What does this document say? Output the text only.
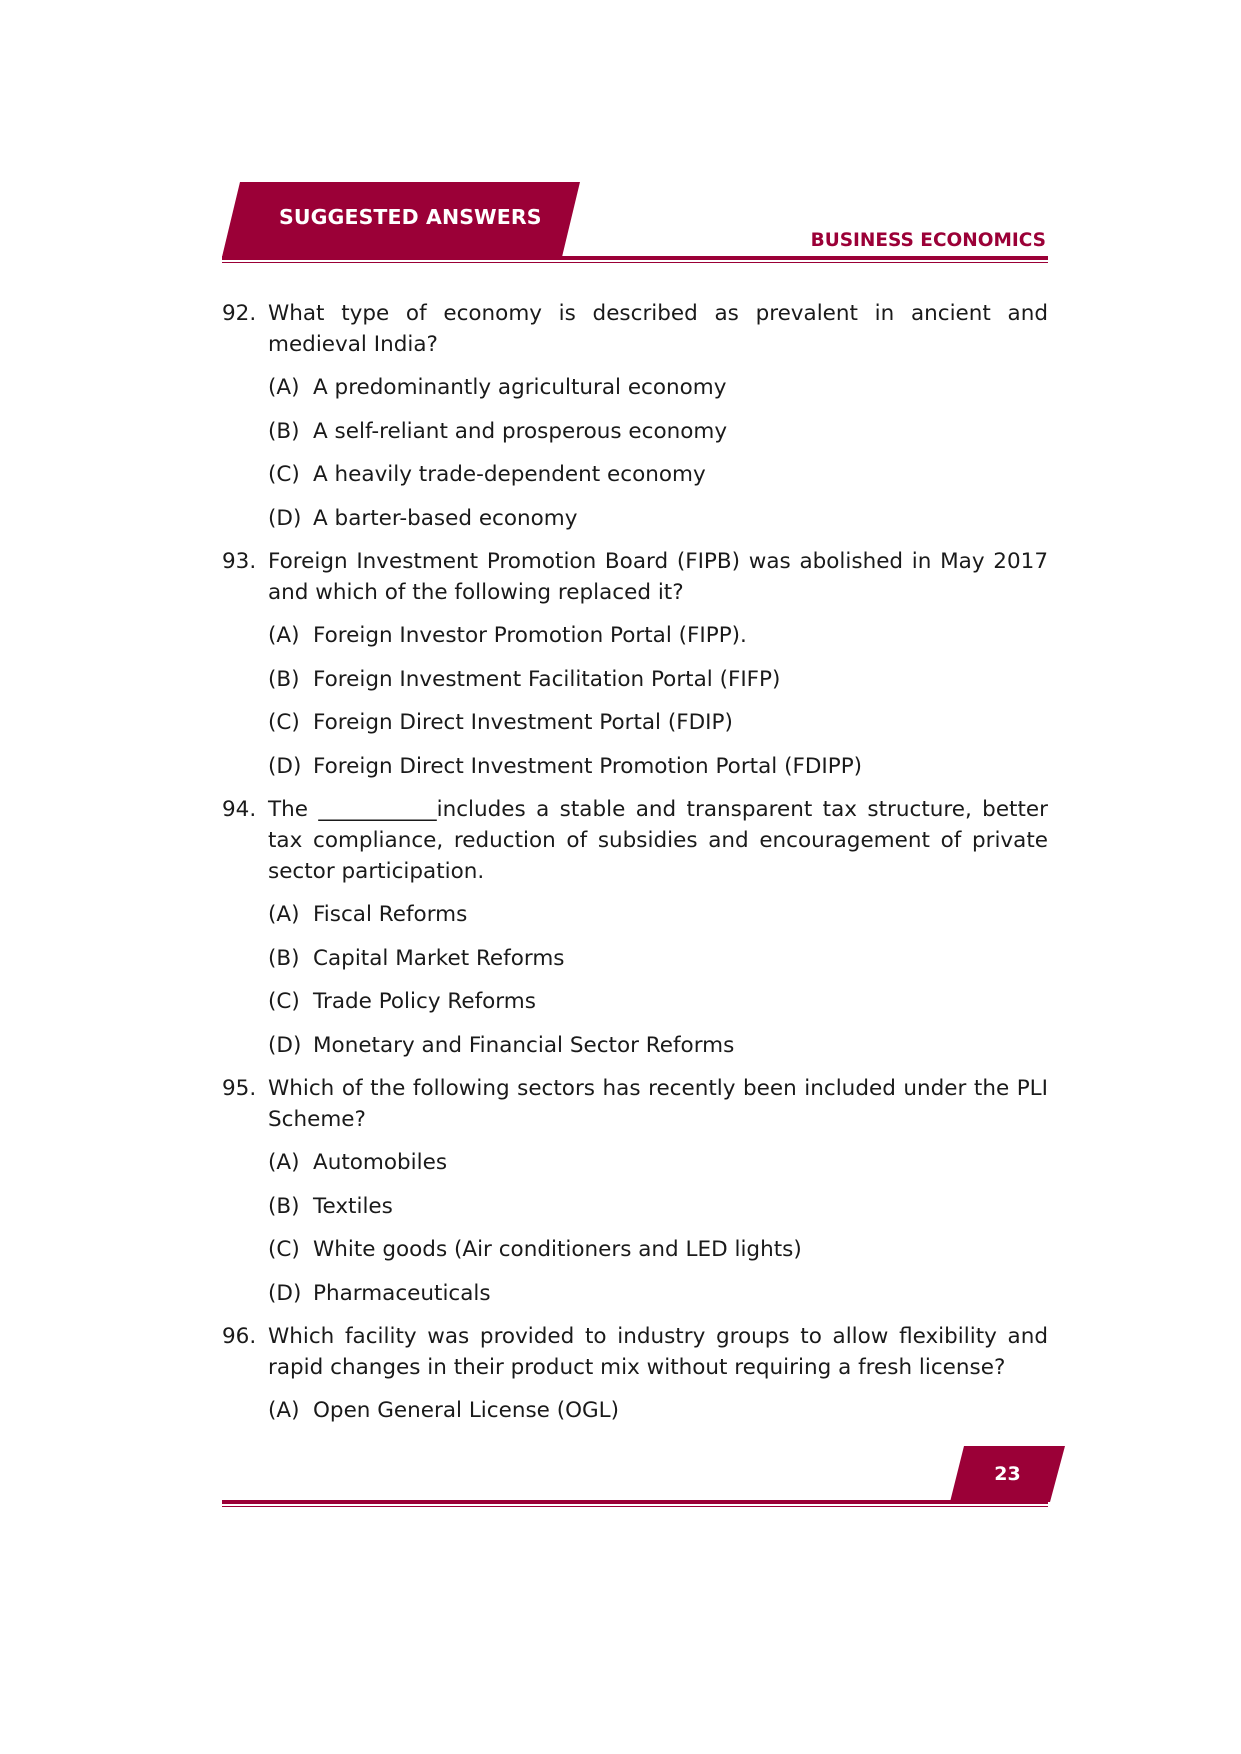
SUGGESTED ANSWERS
BUSINESS ECONOMICS
92. What type of economy is described as prevalent in ancient and medieval India?
(A) A predominantly agricultural economy
(B) A self-reliant and prosperous economy
(C) A heavily trade-dependent economy
(D) A barter-based economy
93. Foreign Investment Promotion Board (FIPB) was abolished in May 2017 and which of the following replaced it?
(A) Foreign Investor Promotion Portal (FIPP).
(B) Foreign Investment Facilitation Portal (FIFP)
(C) Foreign Direct Investment Portal (FDIP)
(D) Foreign Direct Investment Promotion Portal (FDIPP)
94. The ___________includes a stable and transparent tax structure, better tax compliance, reduction of subsidies and encouragement of private sector participation.
(A) Fiscal Reforms
(B) Capital Market Reforms
(C) Trade Policy Reforms
(D) Monetary and Financial Sector Reforms
95. Which of the following sectors has recently been included under the PLI Scheme?
(A) Automobiles
(B) Textiles
(C) White goods (Air conditioners and LED lights)
(D) Pharmaceuticals
96. Which facility was provided to industry groups to allow flexibility and rapid changes in their product mix without requiring a fresh license?
(A) Open General License (OGL)
23
